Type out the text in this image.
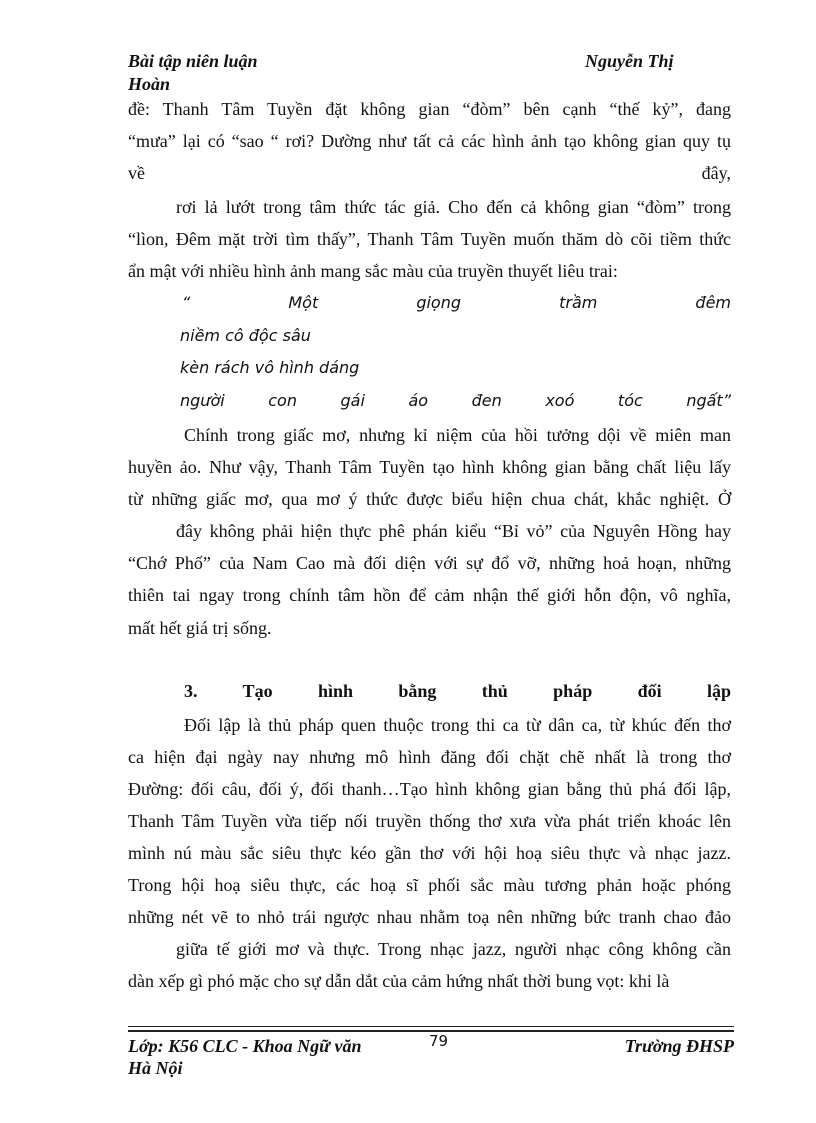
Bài tập niên luận
Hoàn
Nguyễn Thị
đề: Thanh Tâm Tuyền đặt không gian “đòm” bên cạnh “thế kỷ”, đang
“mưa” lại có “sao “ rơi? Dường như tất cả các hình ảnh tạo không gian quy tụ
về	đây,
rơi lả lướt trong tâm thức tác giả. Cho đến cả không gian “đòm” trong
“lìon, Đêm mặt trời tìm thấy”, Thanh Tâm Tuyền muốn thăm dò cõi tiềm thức
ẩn mật với nhiều hình ảnh mang sắc màu của truyền thuyết liêu trai:
“ Một giọng trầm đêm
niềm cô độc sâu
kèn rách vô hình dáng
người con gái áo đen xoó tóc ngất”
Chính trong giấc mơ, nhưng kỉ niệm của hồi tưởng dội về miên man
huyền ảo. Như vậy, Thanh Tâm Tuyền tạo hình không gian bằng chất liệu lấy
từ những giấc mơ, qua mơ ý thức được biểu hiện chua chát, khắc nghiệt. Ở
đây không phải hiện thực phê phán kiểu “Bỉ vỏ” của Nguyên Hồng hay
“Chớ Phố” của Nam Cao mà đối diện với sự đổ vỡ, những hoả hoạn, những
thiên tai ngay trong chính tâm hồn để cảm nhận thế giới hỗn độn, vô nghĩa,
mất hết giá trị sống.
3. Tạo hình bằng thủ pháp đối lập
Đối lập là thủ pháp quen thuộc trong thi ca từ dân ca, từ khúc đến thơ
ca hiện đại ngày nay nhưng mô hình đăng đối chặt chẽ nhất là trong thơ
Đường: đối câu, đối ý, đối thanh…Tạo hình không gian bằng thủ phá đối lập,
Thanh Tâm Tuyền vừa tiếp nối truyền thống thơ xưa vừa phát triển khoác lên
mình nú màu sắc siêu thực kéo gần thơ với hội hoạ siêu thực và nhạc jazz.
Trong hội hoạ siêu thực, các hoạ sĩ phối sắc màu tương phản hoặc phóng
những nét vẽ to nhỏ trái ngược nhau nhằm toạ nên những bức tranh chao đảo
giữa tế giới mơ và thực. Trong nhạc jazz, người nhạc công không cần
dàn xếp gì phó mặc cho sự dẫn dắt của cảm hứng nhất thời bung vọt: khi là
Lớp: K56 CLC - Khoa Ngữ văn
Hà Nội
79	Trường ĐHSP
